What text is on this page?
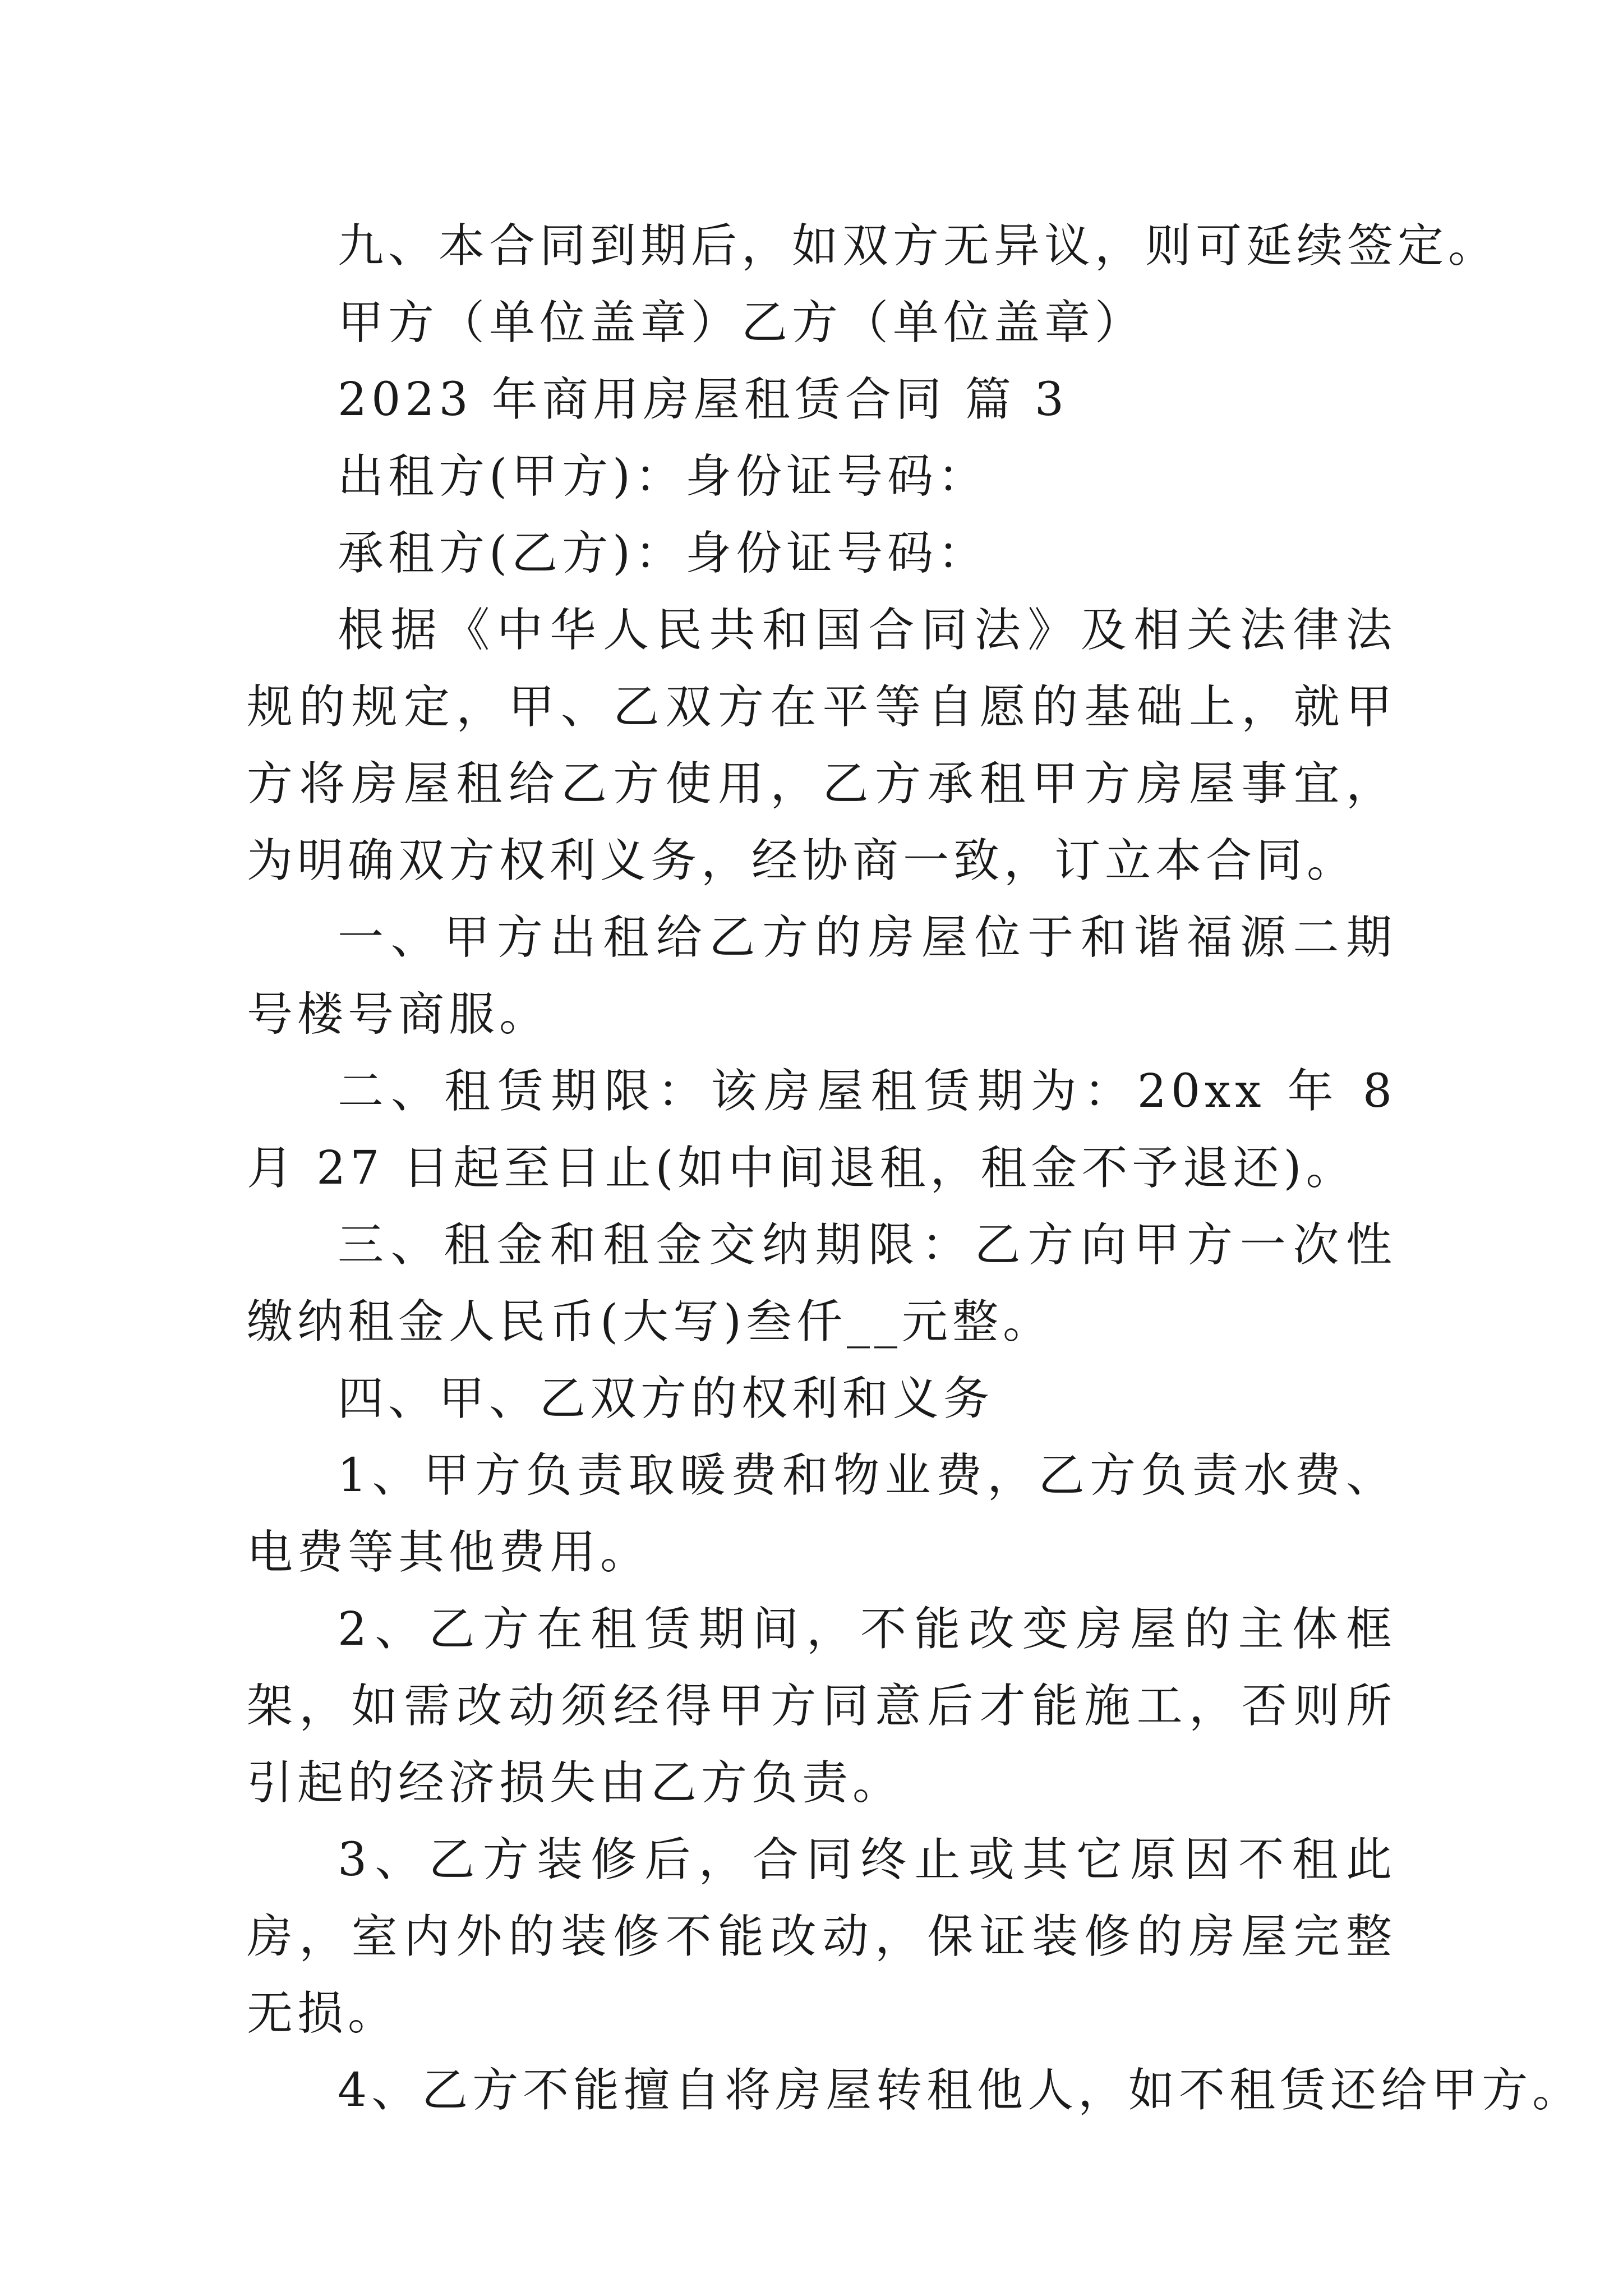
九、本合同到期后，如双方无异议，则可延续签定。

甲方（单位盖章）乙方（单位盖章）

2023 年商用房屋租赁合同 篇 3

出租方(甲方)：身份证号码：

承租方(乙方)：身份证号码：

根据《中华人民共和国合同法》及相关法律法规的规定，甲、乙双方在平等自愿的基础上，就甲方将房屋租给乙方使用，乙方承租甲方房屋事宜，为明确双方权利义务，经协商一致，订立本合同。

一、甲方出租给乙方的房屋位于和谐福源二期号楼号商服。

二、租赁期限：该房屋租赁期为：20xx 年 8 月 27 日起至日止(如中间退租，租金不予退还)。

三、租金和租金交纳期限：乙方向甲方一次性缴纳租金人民币(大写)叁仟__元整。

四、甲、乙双方的权利和义务

1、甲方负责取暖费和物业费，乙方负责水费、电费等其他费用。

2、乙方在租赁期间，不能改变房屋的主体框架，如需改动须经得甲方同意后才能施工，否则所引起的经济损失由乙方负责。

3、乙方装修后，合同终止或其它原因不租此房，室内外的装修不能改动，保证装修的房屋完整无损。

4、乙方不能擅自将房屋转租他人，如不租赁还给甲方。
